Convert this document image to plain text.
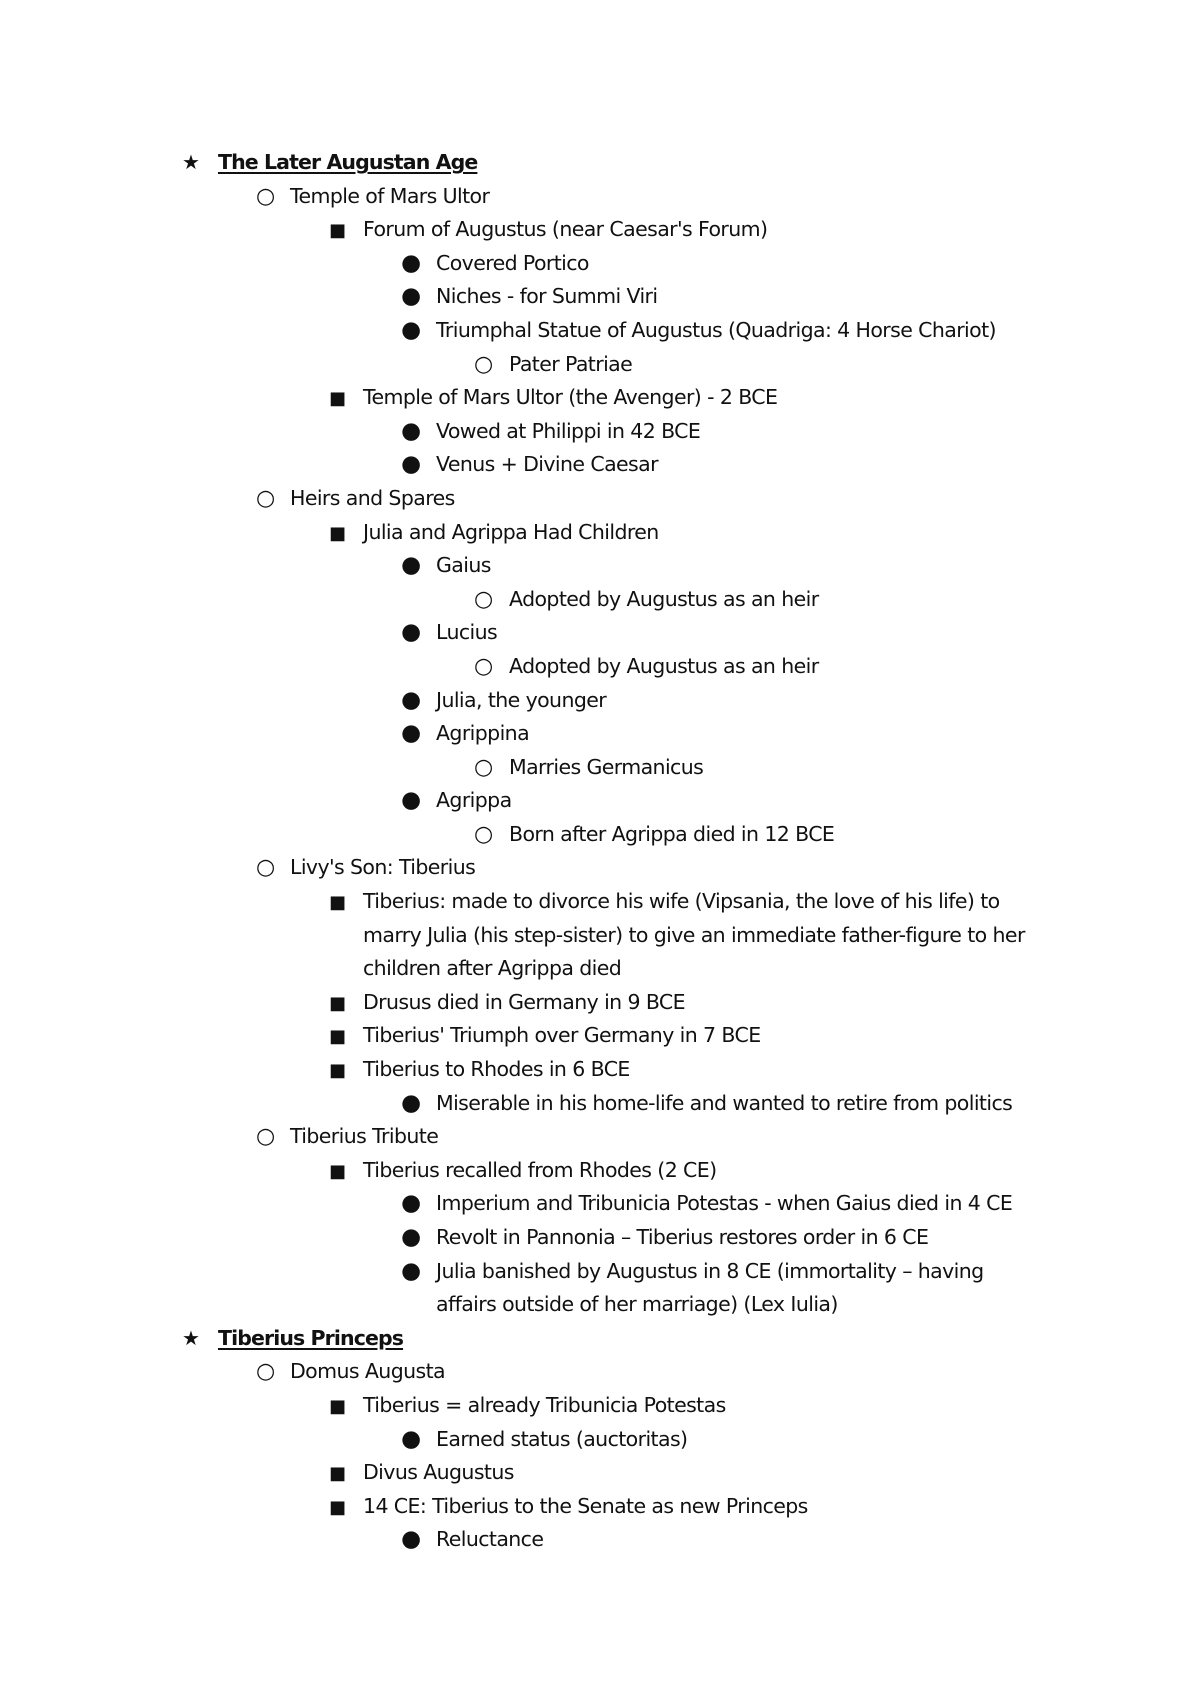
★ The Later Augustan Age
○ Temple of Mars Ultor
■ Forum of Augustus (near Caesar's Forum)
● Covered Portico
● Niches - for Summi Viri
● Triumphal Statue of Augustus (Quadriga: 4 Horse Chariot)
○ Pater Patriae
■ Temple of Mars Ultor (the Avenger) - 2 BCE
● Vowed at Philippi in 42 BCE
● Venus + Divine Caesar
○ Heirs and Spares
■ Julia and Agrippa Had Children
● Gaius
○ Adopted by Augustus as an heir
● Lucius
○ Adopted by Augustus as an heir
● Julia, the younger
● Agrippina
○ Marries Germanicus
● Agrippa
○ Born after Agrippa died in 12 BCE
○ Livy's Son: Tiberius
■ Tiberius: made to divorce his wife (Vipsania, the love of his life) to marry Julia (his step-sister) to give an immediate father-figure to her children after Agrippa died
■ Drusus died in Germany in 9 BCE
■ Tiberius' Triumph over Germany in 7 BCE
■ Tiberius to Rhodes in 6 BCE
● Miserable in his home-life and wanted to retire from politics
○ Tiberius Tribute
■ Tiberius recalled from Rhodes (2 CE)
● Imperium and Tribunicia Potestas - when Gaius died in 4 CE
● Revolt in Pannonia – Tiberius restores order in 6 CE
● Julia banished by Augustus in 8 CE (immortality – having affairs outside of her marriage) (Lex Iulia)
★ Tiberius Princeps
○ Domus Augusta
■ Tiberius = already Tribunicia Potestas
● Earned status (auctoritas)
■ Divus Augustus
■ 14 CE: Tiberius to the Senate as new Princeps
● Reluctance
